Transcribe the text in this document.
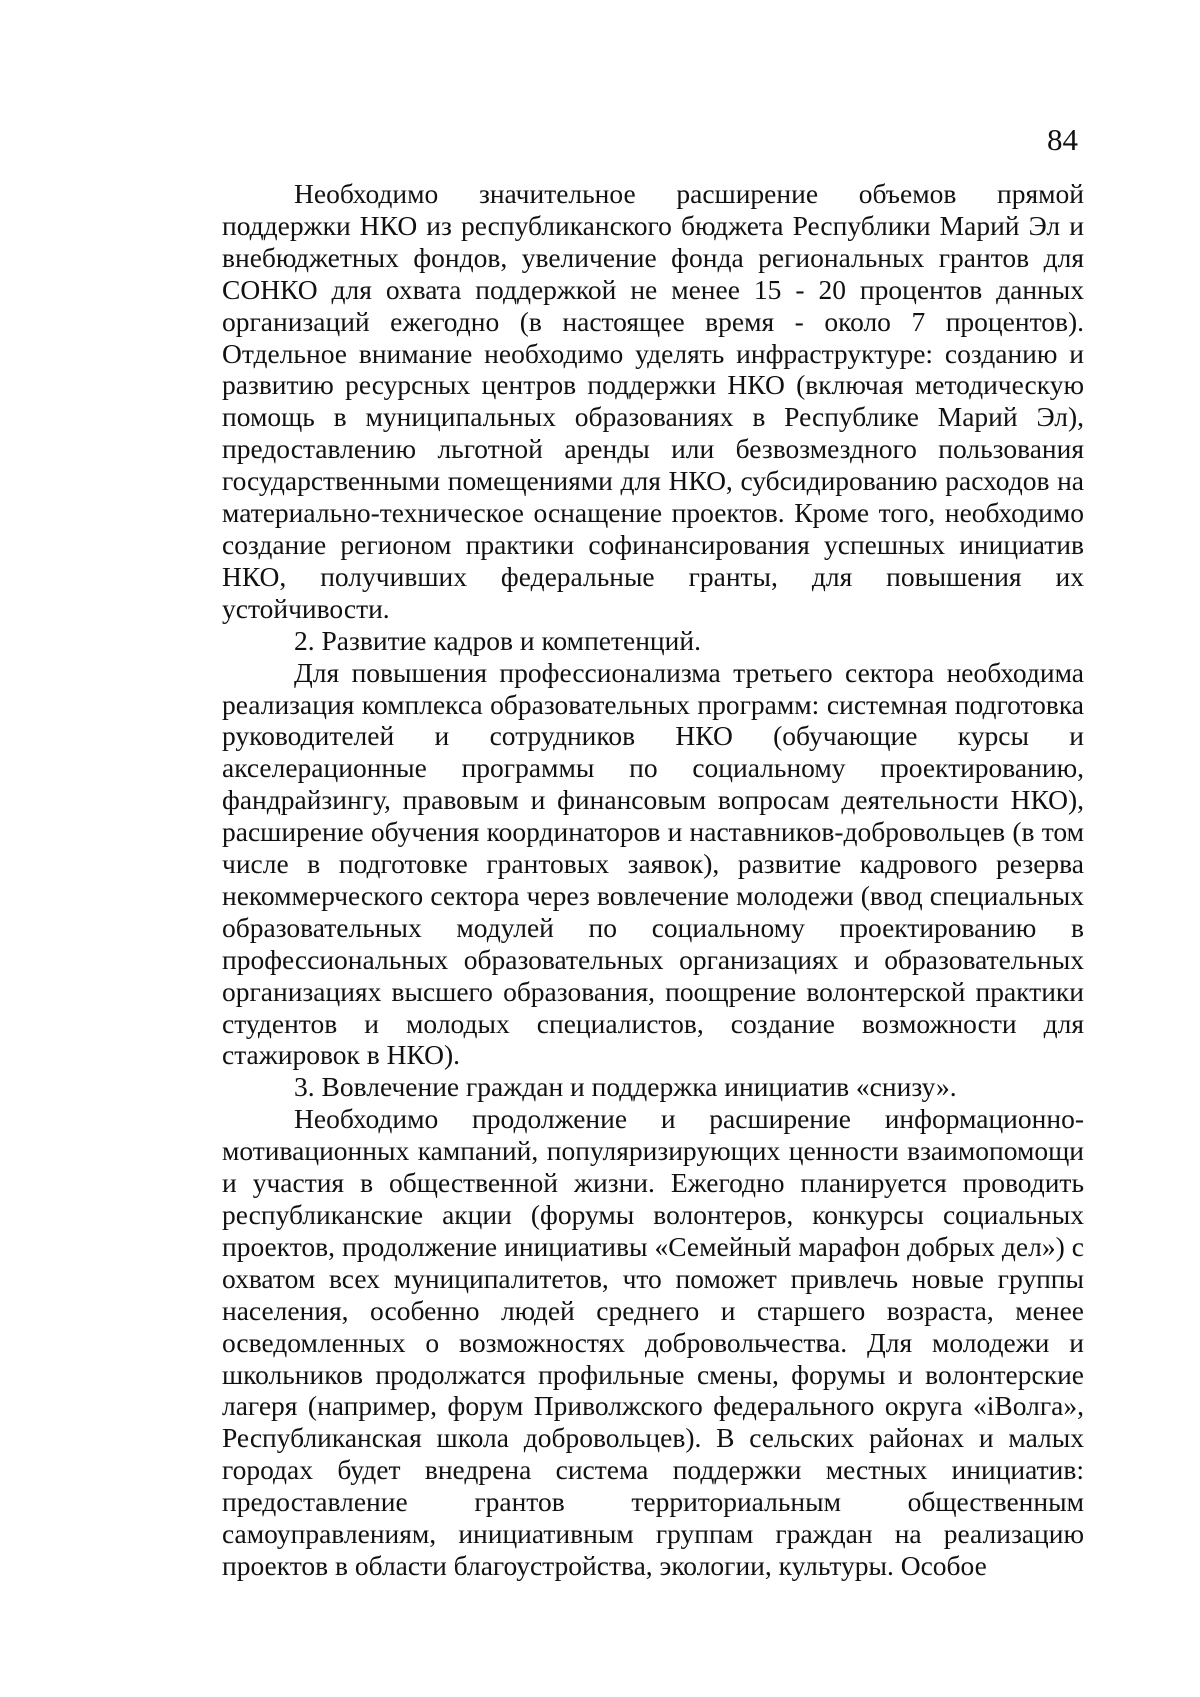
84

Необходимо значительное расширение объемов прямой поддержки НКО из республиканского бюджета Республики Марий Эл и внебюджетных фондов, увеличение фонда региональных грантов для СОНКО для охвата поддержкой не менее 15 - 20 процентов данных организаций ежегодно (в настоящее время - около 7 процентов). Отдельное внимание необходимо уделять инфраструктуре: созданию и развитию ресурсных центров поддержки НКО (включая методическую помощь в муниципальных образованиях в Республике Марий Эл), предоставлению льготной аренды или безвозмездного пользования государственными помещениями для НКО, субсидированию расходов на материально-техническое оснащение проектов. Кроме того, необходимо создание регионом практики софинансирования успешных инициатив НКО, получивших федеральные гранты, для повышения их устойчивости.

2. Развитие кадров и компетенций.

Для повышения профессионализма третьего сектора необходима реализация комплекса образовательных программ: системная подготовка руководителей и сотрудников НКО (обучающие курсы и акселерационные программы по социальному проектированию, фандрайзингу, правовым и финансовым вопросам деятельности НКО), расширение обучения координаторов и наставников-добровольцев (в том числе в подготовке грантовых заявок), развитие кадрового резерва некоммерческого сектора через вовлечение молодежи (ввод специальных образовательных модулей по социальному проектированию в профессиональных образовательных организациях и образовательных организациях высшего образования, поощрение волонтерской практики студентов и молодых специалистов, создание возможности для стажировок в НКО).

3. Вовлечение граждан и поддержка инициатив «снизу».

Необходимо продолжение и расширение информационно-мотивационных кампаний, популяризирующих ценности взаимопомощи и участия в общественной жизни. Ежегодно планируется проводить республиканские акции (форумы волонтеров, конкурсы социальных проектов, продолжение инициативы «Семейный марафон добрых дел») с охватом всех муниципалитетов, что поможет привлечь новые группы населения, особенно людей среднего и старшего возраста, менее осведомленных о возможностях добровольчества. Для молодежи и школьников продолжатся профильные смены, форумы и волонтерские лагеря (например, форум Приволжского федерального округа «iВолга», Республиканская школа добровольцев). В сельских районах и малых городах будет внедрена система поддержки местных инициатив: предоставление грантов территориальным общественным самоуправлениям, инициативным группам граждан на реализацию проектов в области благоустройства, экологии, культуры. Особое
